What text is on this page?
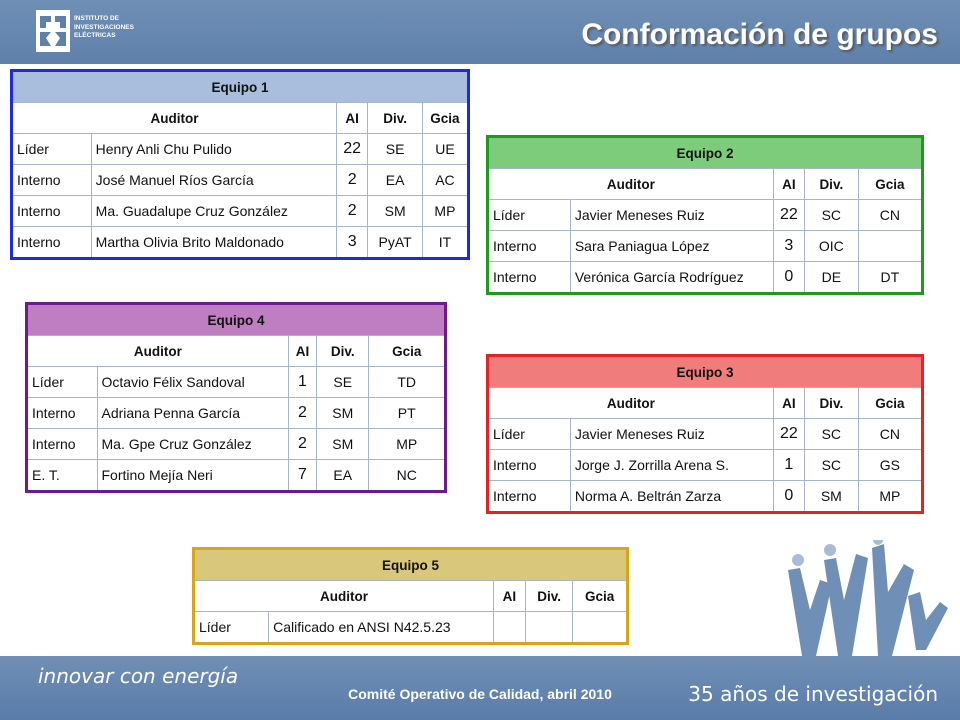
INSTITUTO DE
INVESTIGACIONES
ELÉCTRICAS	Conformación de grupos
Equipo 1				
Auditor		AI	Div.	Gcia
Líder	Henry Anli Chu Pulido	22	SE	UE
Interno	José Manuel Ríos García	2	EA	AC
Interno	Ma. Guadalupe Cruz González	2	SM	MP
Interno	Martha Olivia Brito Maldonado	3	PyAT	IT
Equipo 2				
Auditor		AI	Div.	Gcia
Líder	Javier Meneses Ruiz	22	SC	CN
Interno	Sara Paniagua López	3	OIC	
Interno	Verónica García Rodríguez	0	DE	DT
Equipo 3				
Auditor		AI	Div.	Gcia
Líder	Javier Meneses Ruiz	22	SC	CN
Interno	Jorge J. Zorrilla Arena S.	1	SC	GS
Interno	Norma A. Beltrán Zarza	0	SM	MP
Equipo 4				
Auditor		AI	Div.	Gcia
Líder	Octavio Félix Sandoval	1	SE	TD
Interno	Adriana Penna García	2	SM	PT
Interno	Ma. Gpe Cruz González	2	SM	MP
E. T.	Fortino Mejía Neri	7	EA	NC
Equipo 5				
Auditor		AI	Div.	Gcia
Líder	Calificado en ANSI N42.5.23			
innovar con energía
Comité Operativo de Calidad, abril 2010	35 años de investigación
